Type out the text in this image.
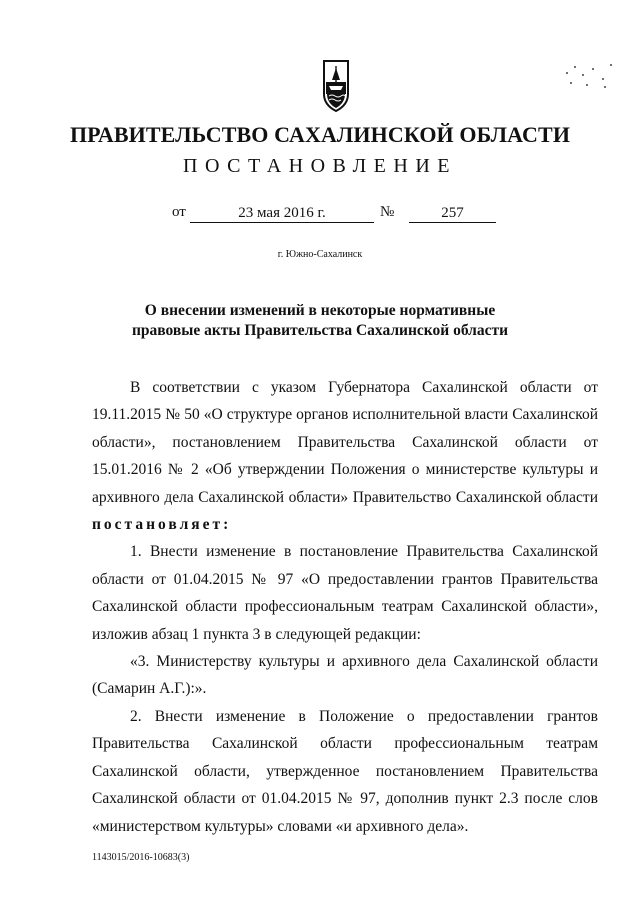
ПРАВИТЕЛЬСТВО САХАЛИНСКОЙ ОБЛАСТИ
ПОСТАНОВЛЕНИЕ
от	23 мая 2016 г.	№	257
г. Южно-Сахалинск
О внесении изменений в некоторые нормативные
правовые акты Правительства Сахалинской области

В соответствии с указом Губернатора Сахалинской области от 19.11.2015 № 50 «О структуре органов исполнительной власти Сахалинской области», постановлением Правительства Сахалинской области от 15.01.2016 № 2 «Об утверждении Положения о министерстве культуры и архивного дела Сахалинской области» Правительство Сахалинской области

постановляет:

1. Внести изменение в постановление Правительства Сахалинской области от 01.04.2015 № 97 «О предоставлении грантов Правительства Сахалинской области профессиональным театрам Сахалинской области», изложив абзац 1 пункта 3 в следующей редакции:

«3. Министерству культуры и архивного дела Сахалинской области (Самарин А.Г.):».

2. Внести изменение в Положение о предоставлении грантов Правительства Сахалинской области профессиональным театрам Сахалинской области, утвержденное постановлением Правительства Сахалинской области от 01.04.2015 № 97, дополнив пункт 2.3 после слов «министерством культуры» словами «и архивного дела».

1143015/2016-10683(3)
